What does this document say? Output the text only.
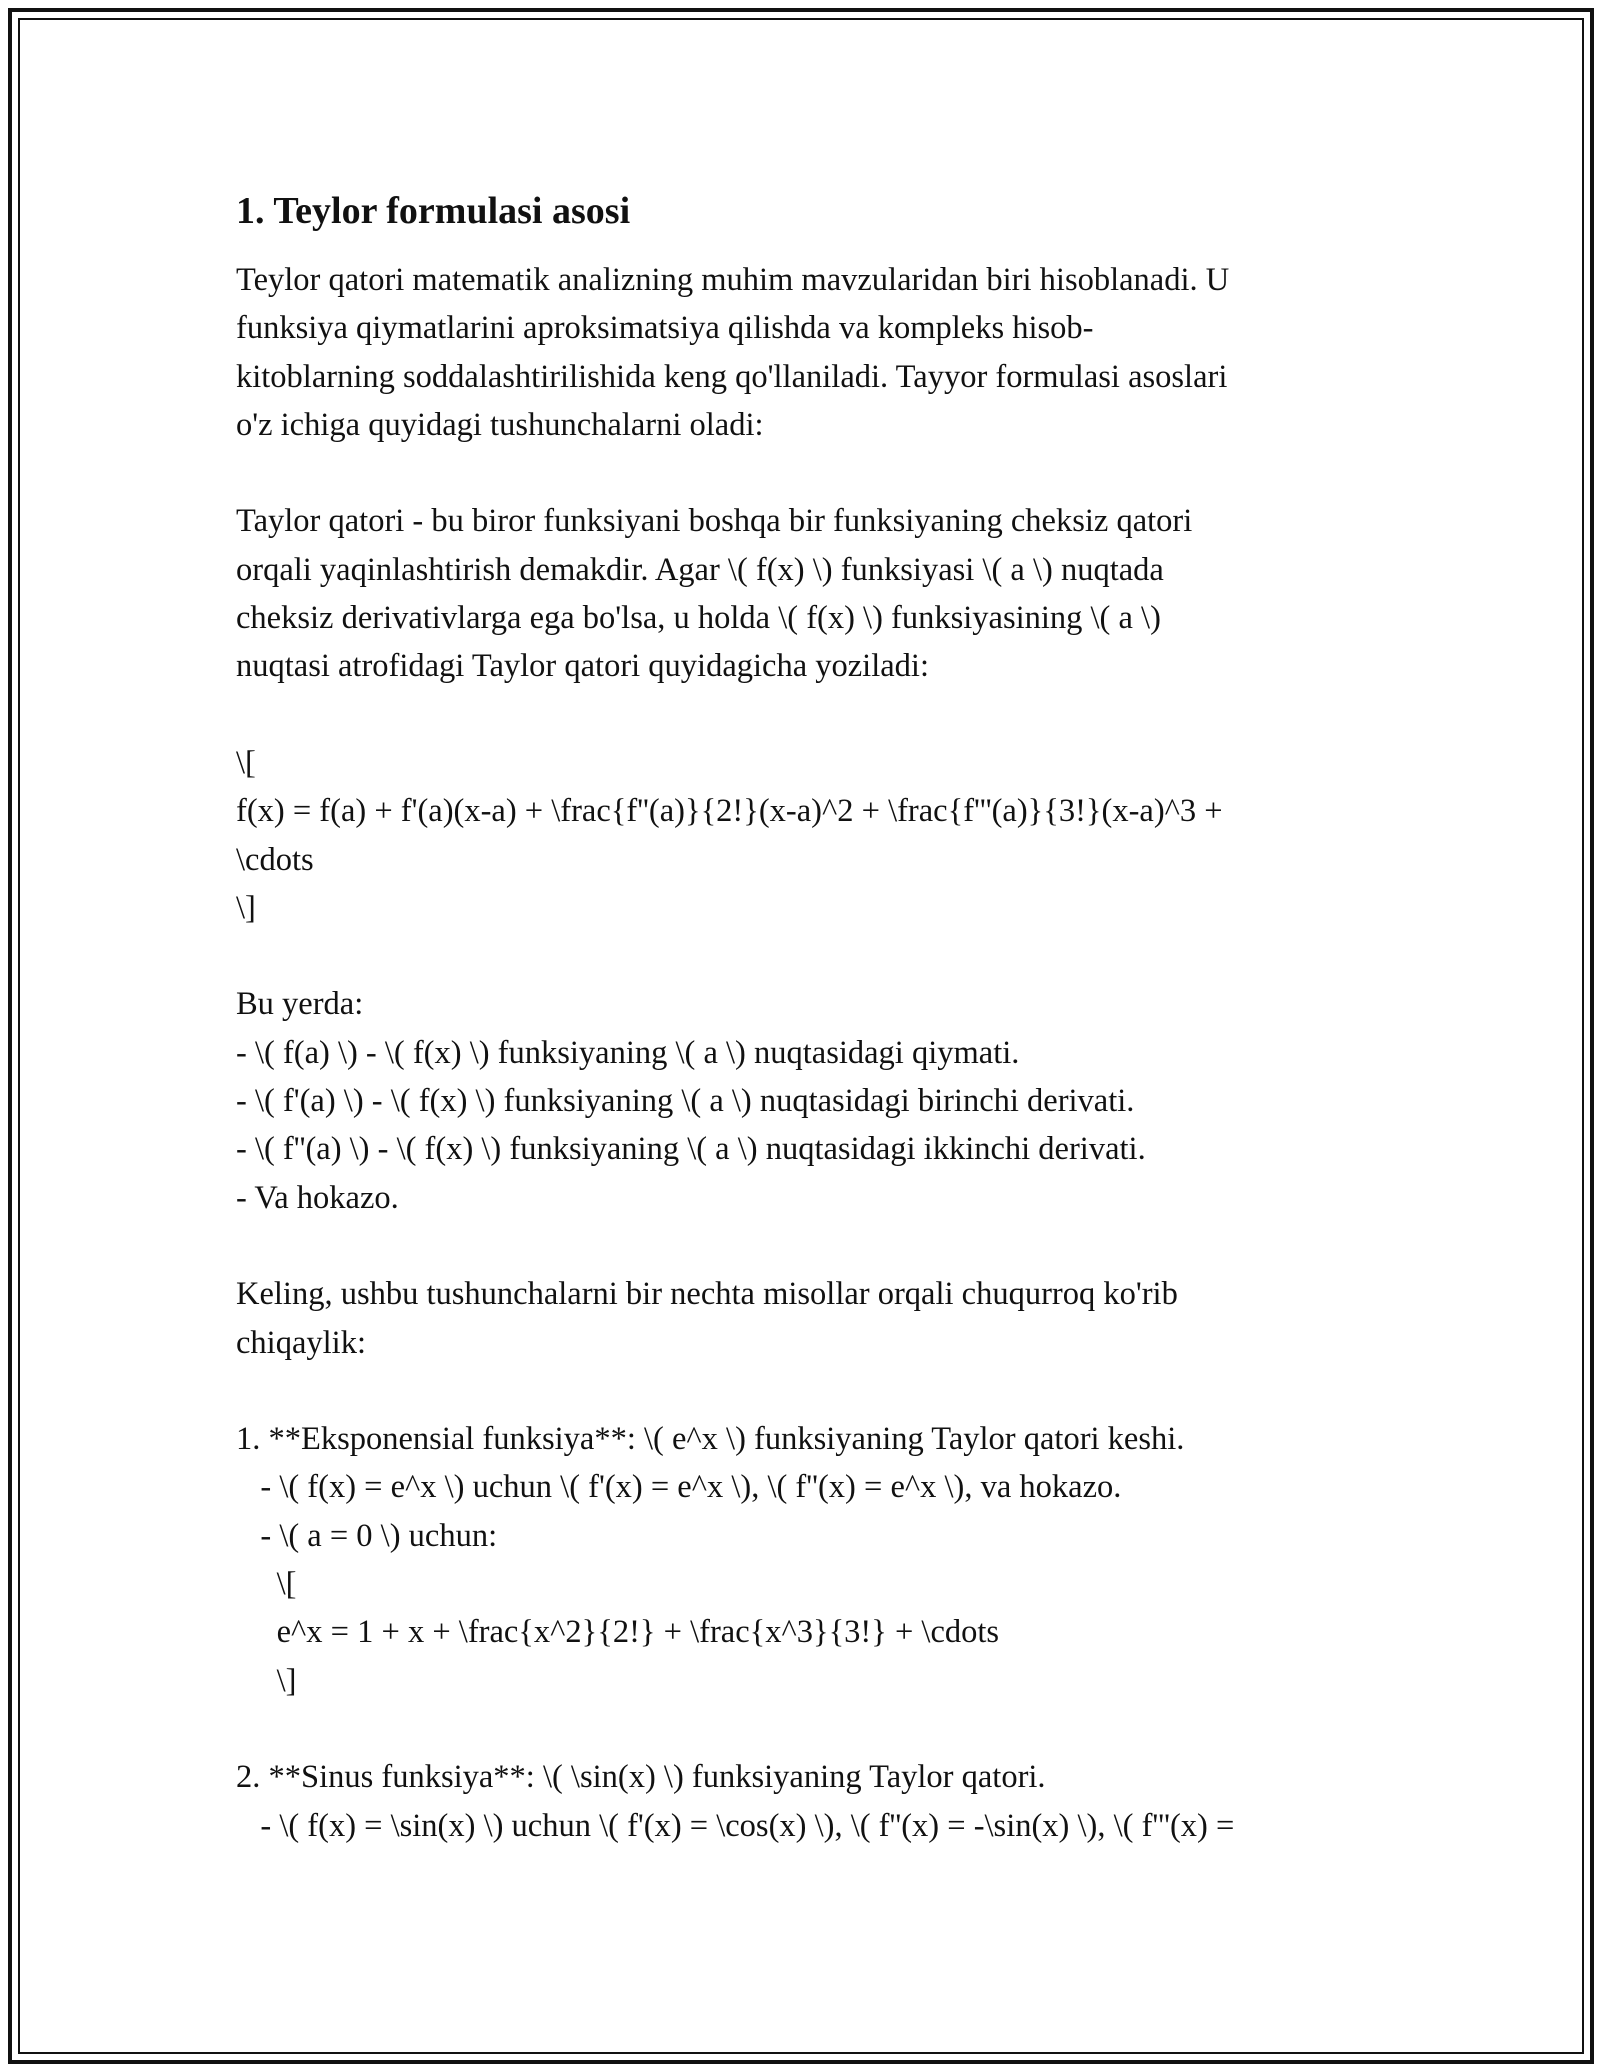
1. Teylor formulasi asosi
Teylor qatori matematik analizning muhim mavzularidan biri hisoblanadi. U
funksiya qiymatlarini aproksimatsiya qilishda va kompleks hisob-
kitoblarning soddalashtirilishida keng qo'llaniladi. Tayyor formulasi asoslari
o'z ichiga quyidagi tushunchalarni oladi:
Taylor qatori - bu biror funksiyani boshqa bir funksiyaning cheksiz qatori
orqali yaqinlashtirish demakdir. Agar \( f(x) \) funksiyasi \( a \) nuqtada
cheksiz derivativlarga ega bo'lsa, u holda \( f(x) \) funksiyasining \( a \)
nuqtasi atrofidagi Taylor qatori quyidagicha yoziladi:
\[
f(x) = f(a) + f'(a)(x-a) + \frac{f''(a)}{2!}(x-a)^2 + \frac{f'''(a)}{3!}(x-a)^3 +
\cdots
\]
Bu yerda:
- \( f(a) \) - \( f(x) \) funksiyaning \( a \) nuqtasidagi qiymati.
- \( f'(a) \) - \( f(x) \) funksiyaning \( a \) nuqtasidagi birinchi derivati.
- \( f''(a) \) - \( f(x) \) funksiyaning \( a \) nuqtasidagi ikkinchi derivati.
- Va hokazo.
Keling, ushbu tushunchalarni bir nechta misollar orqali chuqurroq ko'rib
chiqaylik:
1. **Eksponensial funksiya**: \( e^x \) funksiyaning Taylor qatori keshi.
- \( f(x) = e^x \) uchun \( f'(x) = e^x \), \( f''(x) = e^x \), va hokazo.
- \( a = 0 \) uchun:
\[
e^x = 1 + x + \frac{x^2}{2!} + \frac{x^3}{3!} + \cdots
\]
2. **Sinus funksiya**: \( \sin(x) \) funksiyaning Taylor qatori.
- \( f(x) = \sin(x) \) uchun \( f'(x) = \cos(x) \), \( f''(x) = -\sin(x) \), \( f'''(x) =
